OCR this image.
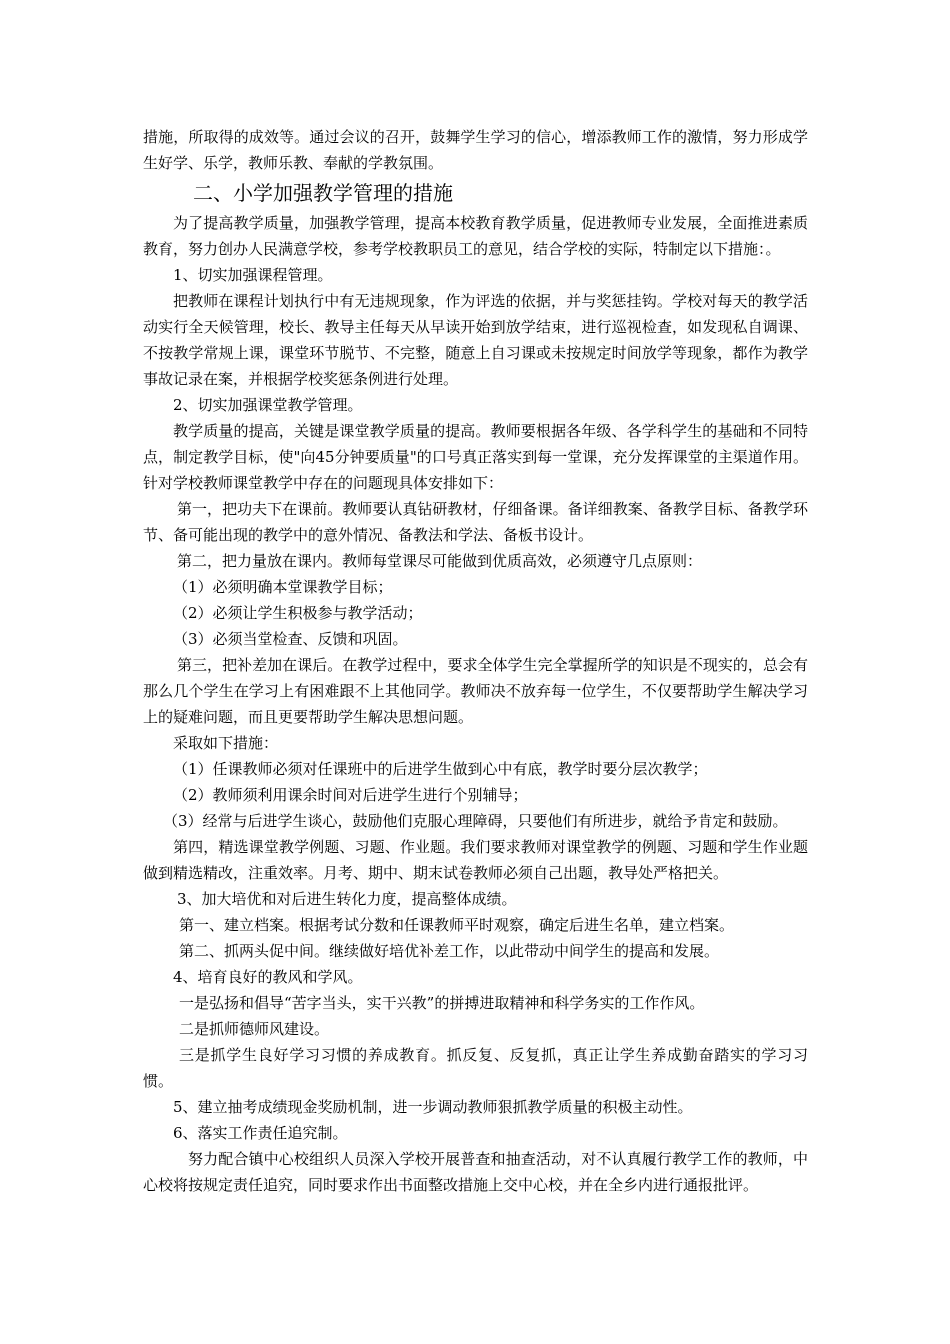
措施，所取得的成效等。通过会议的召开，鼓舞学生学习的信心，增添教师工作的激情，努力形成学生好学、乐学，教师乐教、奉献的学教氛围。

二、小学加强教学管理的措施

为了提高教学质量，加强教学管理，提高本校教育教学质量，促进教师专业发展，全面推进素质教育，努力创办人民满意学校，参考学校教职员工的意见，结合学校的实际，特制定以下措施：。

1、切实加强课程管理。

把教师在课程计划执行中有无违规现象，作为评选的依据，并与奖惩挂钩。学校对每天的教学活动实行全天候管理，校长、教导主任每天从早读开始到放学结束，进行巡视检查，如发现私自调课、不按教学常规上课，课堂环节脱节、不完整，随意上自习课或未按规定时间放学等现象，都作为教学事故记录在案，并根据学校奖惩条例进行处理。

2、切实加强课堂教学管理。

教学质量的提高，关键是课堂教学质量的提高。教师要根据各年级、各学科学生的基础和不同特点，制定教学目标，使"向45分钟要质量"的口号真正落实到每一堂课，充分发挥课堂的主渠道作用。针对学校教师课堂教学中存在的问题现具体安排如下：

第一，把功夫下在课前。教师要认真钻研教材，仔细备课。备详细教案、备教学目标、备教学环节、备可能出现的教学中的意外情况、备教法和学法、备板书设计。

第二，把力量放在课内。教师每堂课尽可能做到优质高效，必须遵守几点原则：

（1）必须明确本堂课教学目标；

（2）必须让学生积极参与教学活动；

（3）必须当堂检查、反馈和巩固。

第三，把补差加在课后。在教学过程中，要求全体学生完全掌握所学的知识是不现实的，总会有那么几个学生在学习上有困难跟不上其他同学。教师决不放弃每一位学生，不仅要帮助学生解决学习上的疑难问题，而且更要帮助学生解决思想问题。

采取如下措施：

（1）任课教师必须对任课班中的后进学生做到心中有底，教学时要分层次教学；

（2）教师须利用课余时间对后进学生进行个别辅导；

（3）经常与后进学生谈心，鼓励他们克服心理障碍，只要他们有所进步，就给予肯定和鼓励。

第四，精选课堂教学例题、习题、作业题。我们要求教师对课堂教学的例题、习题和学生作业题做到精选精改，注重效率。月考、期中、期末试卷教师必须自己出题，教导处严格把关。

3、加大培优和对后进生转化力度，提高整体成绩。

第一、建立档案。根据考试分数和任课教师平时观察，确定后进生名单，建立档案。

第二、抓两头促中间。继续做好培优补差工作，以此带动中间学生的提高和发展。

4、培育良好的教风和学风。

一是弘扬和倡导“苦字当头，实干兴教”的拼搏进取精神和科学务实的工作作风。

二是抓师德师风建设。

三是抓学生良好学习习惯的养成教育。抓反复、反复抓，真正让学生养成勤奋踏实的学习习惯。

5、建立抽考成绩现金奖励机制，进一步调动教师狠抓教学质量的积极主动性。

6、落实工作责任追究制。

努力配合镇中心校组织人员深入学校开展普查和抽查活动，对不认真履行教学工作的教师，中心校将按规定责任追究，同时要求作出书面整改措施上交中心校，并在全乡内进行通报批评。
